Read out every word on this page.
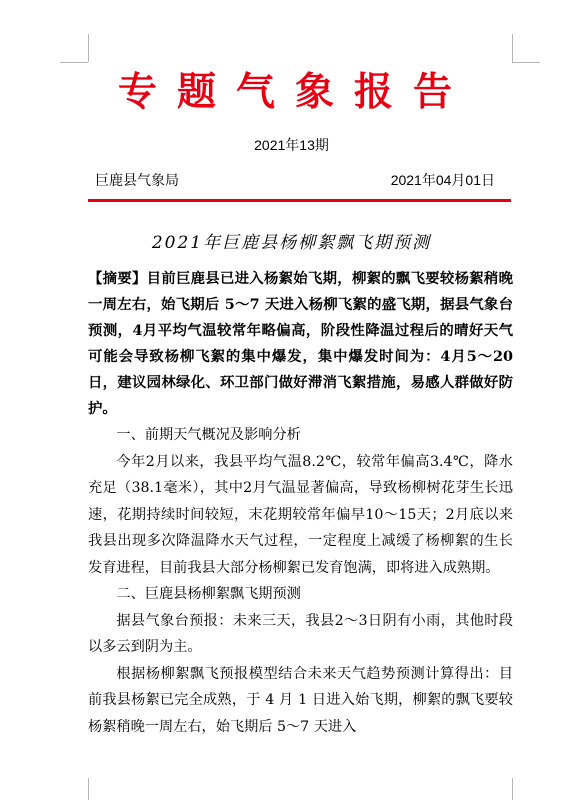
专题气象报告
2021年13期
巨鹿县气象局	2021年04月01日
2021年巨鹿县杨柳絮飘飞期预测

【摘要】目前巨鹿县已进入杨絮始飞期，柳絮的飘飞要较杨絮稍晚一周左右，始飞期后 5～7 天进入杨柳飞絮的盛飞期，据县气象台预测，4月平均气温较常年略偏高，阶段性降温过程后的晴好天气可能会导致杨柳飞絮的集中爆发，集中爆发时间为：4月5～20日，建议园林绿化、环卫部门做好滞消飞絮措施，易感人群做好防护。

一、前期天气概况及影响分析

今年2月以来，我县平均气温8.2℃，较常年偏高3.4℃，降水充足（38.1毫米），其中2月气温显著偏高，导致杨柳树花芽生长迅速，花期持续时间较短，末花期较常年偏早10～15天；2月底以来我县出现多次降温降水天气过程，一定程度上减缓了杨柳絮的生长发育进程，目前我县大部分杨柳絮已发育饱满，即将进入成熟期。

二、巨鹿县杨柳絮飘飞期预测

据县气象台预报：未来三天，我县2～3日阴有小雨，其他时段以多云到阴为主。

根据杨柳絮飘飞预报模型结合未来天气趋势预测计算得出：目前我县杨絮已完全成熟，于 4 月 1 日进入始飞期，柳絮的飘飞要较杨絮稍晚一周左右，始飞期后 5～7 天进入
